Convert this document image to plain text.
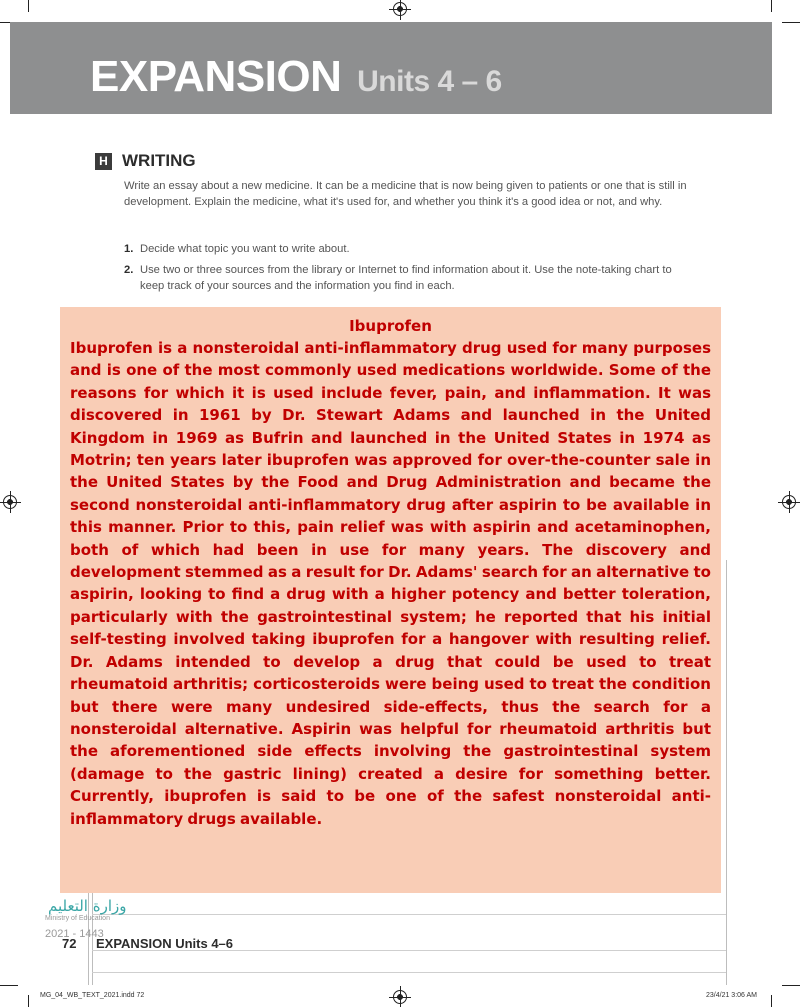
EXPANSION Units 4 – 6
H WRITING

Write an essay about a new medicine. It can be a medicine that is now being given to patients or one that is still in development. Explain the medicine, what it's used for, and whether you think it's a good idea or not, and why.

1. Decide what topic you want to write about.
2. Use two or three sources from the library or Internet to find information about it. Use the note-taking chart to keep track of your sources and the information you find in each.
Ibuprofen

Ibuprofen is a nonsteroidal anti-inflammatory drug used for many purposes and is one of the most commonly used medications worldwide. Some of the reasons for which it is used include fever, pain, and inflammation. It was discovered in 1961 by Dr. Stewart Adams and launched in the United Kingdom in 1969 as Bufrin and launched in the United States in 1974 as Motrin; ten years later ibuprofen was approved for over-the-counter sale in the United States by the Food and Drug Administration and became the second nonsteroidal anti-inflammatory drug after aspirin to be available in this manner. Prior to this, pain relief was with aspirin and acetaminophen, both of which had been in use for many years. The discovery and development stemmed as a result for Dr. Adams' search for an alternative to aspirin, looking to find a drug with a higher potency and better toleration, particularly with the gastrointestinal system; he reported that his initial self-testing involved taking ibuprofen for a hangover with resulting relief. Dr. Adams intended to develop a drug that could be used to treat rheumatoid arthritis; corticosteroids were being used to treat the condition but there were many undesired side-effects, thus the search for a nonsteroidal alternative. Aspirin was helpful for rheumatoid arthritis but the aforementioned side effects involving the gastrointestinal system (damage to the gastric lining) created a desire for something better. Currently, ibuprofen is said to be one of the safest nonsteroidal anti-inflammatory drugs available.

وزارة التعليم
Ministry of Education
2021 - 1443
72 EXPANSION Units 4–6
MG_04_WB_TEXT_2021.indd 72	23/4/21 3:06 AM
